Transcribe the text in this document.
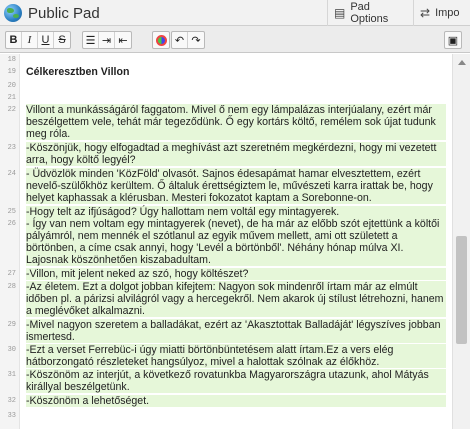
Public Pad	▤ Pad Options	⇄ Impo
B I U S	☰ ⇥ ⇤	↶ ↷	▣
18
19 Célkeresztben Villon
20
21
22 Villont a munkásságáról faggatom. Mivel ő nem egy lámpalázas interjúalany, ezért már beszélgettem vele, tehát már tegeződünk. Ő egy kortárs költő, remélem sok újat tudunk meg róla.
23 -Köszönjük, hogy elfogadtad a meghívást azt szeretném megkérdezni, hogy mi vezetett arra, hogy költő legyél?
24 - Üdvözlök minden 'KözFöld' olvasót. Sajnos édesapámat hamar elvesztettem, ezért nevelő-szülőkhöz kerültem. Ő általuk érettségiztem le, művészeti karra irattak be, hogy helyet kaphassak a klérusban. Mesteri fokozatot kaptam a Sorebonne-on.
25 -Hogy telt az ifjúságod? Úgy hallottam nem voltál egy mintagyerek.
26 - Így van nem voltam egy mintagyerek (nevet), de ha már az előbb szót ejtettünk a költői pályámról, nem mennék el szótlanul az egyik művem mellett, ami ott született a börtönben, a címe csak annyi, hogy 'Levél a börtönből'. Néhány hónap múlva XI. Lajosnak köszönhetően kiszabadultam.
27 -Villon, mit jelent neked az szó, hogy költészet?
28 -Az életem. Ezt a dolgot jobban kifejtem: Nagyon sok mindenről írtam már az elmúlt időben pl. a párizsi alvilágról vagy a hercegekről. Nem akarok új stílust létrehozni, hanem a meglévőket alkalmazni.
29 -Mivel nagyon szeretem a balladákat, ezért az 'Akasztottak Balladáját' légyszíves jobban ismertesd.
30 -Ezt a verset Ferrebüc-i úgy miatti börtönbüntetésem alatt írtam.Ez a vers elég hátborzongató részleteket hangsúlyoz, mivel a halottak szólnak az élőkhöz.
31 -Köszönöm az interjút, a következő rovatunkba Magyarországra utazunk, ahol Mátyás királlyal beszélgetünk.
32 -Köszönöm a lehetőséget.
33
